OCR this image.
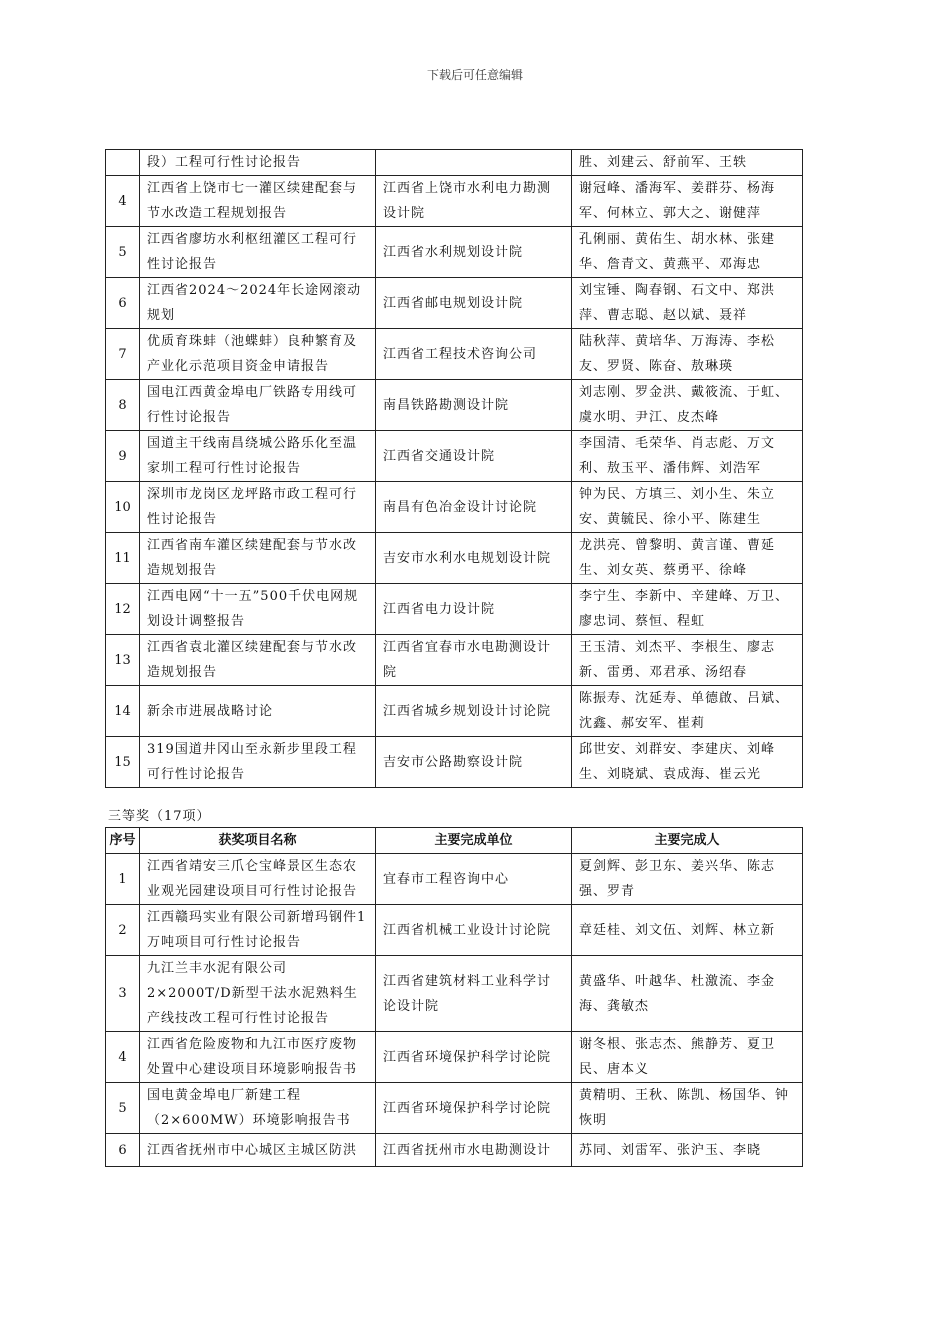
下载后可任意编辑
	段）工程可行性讨论报告		胜、刘建云、舒前军、王轶
4	江西省上饶市七一灌区续建配套与节水改造工程规划报告	江西省上饶市水利电力勘测设计院	谢冠峰、潘海军、姜群芬、杨海军、何林立、郭大之、谢健萍
5	江西省廖坊水利枢纽灌区工程可行性讨论报告	江西省水利规划设计院	孔俐丽、黄佑生、胡水林、张建华、詹青文、黄燕平、邓海忠
6	江西省2024～2024年长途网滚动规划	江西省邮电规划设计院	刘宝锤、陶春钢、石文中、郑洪萍、曹志聪、赵以斌、聂祥
7	优质育珠蚌（池蝶蚌）良种繁育及产业化示范项目资金申请报告	江西省工程技术咨询公司	陆秋萍、黄培华、万海涛、李松友、罗贤、陈奋、敖琳瑛
8	国电江西黄金埠电厂铁路专用线可行性讨论报告	南昌铁路勘测设计院	刘志刚、罗金洪、戴筱流、于虹、虞水明、尹江、皮杰峰
9	国道主干线南昌绕城公路乐化至温家圳工程可行性讨论报告	江西省交通设计院	李国清、毛荣华、肖志彪、万文利、敖玉平、潘伟辉、刘浩军
10	深圳市龙岗区龙坪路市政工程可行性讨论报告	南昌有色冶金设计讨论院	钟为民、方填三、刘小生、朱立安、黄毓民、徐小平、陈建生
11	江西省南车灌区续建配套与节水改造规划报告	吉安市水利水电规划设计院	龙洪亮、曾黎明、黄言谨、曹延生、刘女英、蔡勇平、徐峰
12	江西电网“十一五”500千伏电网规划设计调整报告	江西省电力设计院	李宁生、李新中、辛建峰、万卫、廖忠词、蔡恒、程虹
13	江西省袁北灌区续建配套与节水改造规划报告	江西省宜春市水电勘测设计院	王玉清、刘杰平、李根生、廖志新、雷勇、邓君承、汤绍春
14	新余市进展战略讨论	江西省城乡规划设计讨论院	陈振寿、沈延寿、单德啟、吕斌、沈鑫、郝安军、崔莉
15	319国道井冈山至永新步里段工程可行性讨论报告	吉安市公路勘察设计院	邱世安、刘群安、李建庆、刘峰生、刘晓斌、袁成海、崔云光
三等奖（17项）
序号	获奖项目名称	主要完成单位	主要完成人
1	江西省靖安三爪仑宝峰景区生态农业观光园建设项目可行性讨论报告	宜春市工程咨询中心	夏剑辉、彭卫东、姜兴华、陈志强、罗青
2	江西赣玛实业有限公司新增玛钢件1万吨项目可行性讨论报告	江西省机械工业设计讨论院	章廷桂、刘文伍、刘辉、林立新
3	九江兰丰水泥有限公司2×2000T/D新型干法水泥熟料生产线技改工程可行性讨论报告	江西省建筑材料工业科学讨论设计院	黄盛华、叶越华、杜激流、李金海、龚敏杰
4	江西省危险废物和九江市医疗废物处置中心建设项目环境影响报告书	江西省环境保护科学讨论院	谢冬根、张志杰、熊静芳、夏卫民、唐本义
5	国电黄金埠电厂新建工程（2×600MW）环境影响报告书	江西省环境保护科学讨论院	黄精明、王秋、陈凯、杨国华、钟恢明
6	江西省抚州市中心城区主城区防洪	江西省抚州市水电勘测设计	苏同、刘雷军、张沪玉、李晓
